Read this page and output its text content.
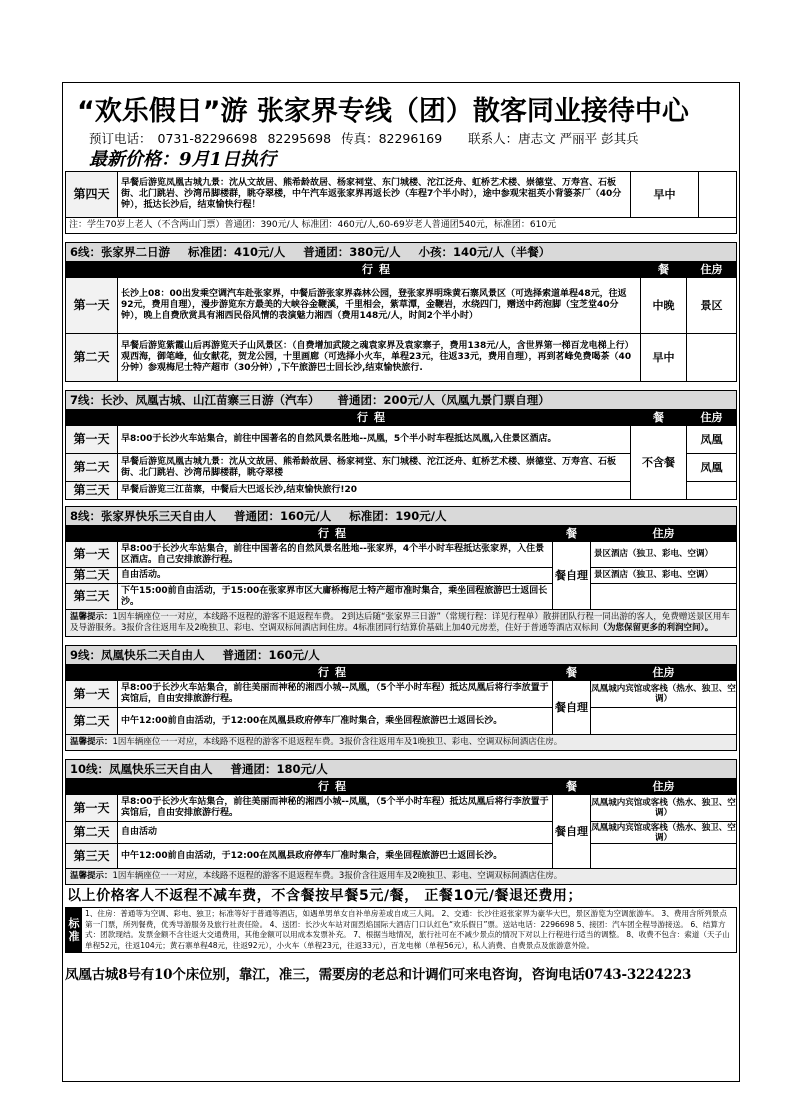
“欢乐假日”游 张家界专线（团）散客同业接待中心
预订电话： 0731-82296698 82295698 传真：82296169 联系人：唐志文 严丽平 彭其兵
最新价格：9月1日执行
第四天	早餐后游览凤凰古城九景：沈从文故居、熊希龄故居、杨家祠堂、东门城楼、沱江泛舟、虹桥艺术楼、崇德堂、万寿宫、石板街、北门跳岩、沙湾吊脚楼群，眺夺翠楼，中午汽车返张家界再返长沙（车程7个半小时），途中参观宋祖英小背篓茶厂（40分钟），抵达长沙后，结束愉快行程！	早中	
注：学生70岁上老人（不含两山门票）普通团：390元/人 标准团：460元/人,60-69岁老人普通团540元，标准团：610元
6线：张家界二日游 标准团：410元/人 普通团：380元/人 小孩：140元/人（半餐）
	行程	餐	住房
第一天	长沙上08：00出发乘空调汽车赴张家界，中餐后游张家界森林公园，登张家界明珠黄石寨风景区（可选择索道单程48元，往返92元，费用自理），漫步游览东方最美的大峡谷金鞭溪，千里相会，紫草潭，金鞭岩，水绕四门，赠送中药泡脚（宝芝堂40分钟），晚上自费欣赏具有湘西民俗风情的表演魅力湘西（费用148元/人，时间2个半小时）	中晚	景区
第二天	早餐后游览紫霞山后再游览天子山风景区：（自费增加武陵之魂袁家界及袁家寨子，费用138元/人，含世界第一梯百龙电梯上行）观西海，御笔峰，仙女献花，贺龙公园，十里画廊（可选择小火车，单程23元，往返33元，费用自理），再到茗峰免费喝茶（40分钟）参观梅尼士特产超市（30分钟）,下午旅游巴士回长沙,结束愉快旅行.	早中	
7线：长沙、凤凰古城、山江苗寨三日游（汽车） 普通团：200元/人（凤凰九景门票自理）
	行程	餐	住房
第一天	早8:00于长沙火车站集合，前往中国著名的自然风景名胜地--凤凰，5个半小时车程抵达凤凰,入住景区酒店。	不含餐	凤凰
第二天	早餐后游览凤凰古城九景：沈从文故居、熊希龄故居、杨家祠堂、东门城楼、沱江泛舟、虹桥艺术楼、崇德堂、万寿宫、石板街、北门跳岩、沙湾吊脚楼群，眺夺翠楼		凤凰
第三天	早餐后游览三江苗寨，中餐后大巴返长沙,结束愉快旅行!20		
8线：张家界快乐三天自由人 普通团：160元/人 标准团：190元/人
	行程	餐	住房
第一天	早8:00于长沙火车站集合，前往中国著名的自然风景名胜地--张家界，4个半小时车程抵达张家界，入住景区酒店。自己安排旅游行程。	餐自理	景区酒店（独卫、彩电、空调）
第二天	自由活动。		景区酒店（独卫、彩电、空调）
第三天	下午15:00前自由活动，于15:00在张家界市区大庸桥梅尼士特产超市准时集合，乘坐回程旅游巴士返回长沙。		
温馨提示：1因车辆座位一一对应，本线路不返程的游客不退返程车费。 2到达后随“张家界三日游”（常规行程：详见行程单）散拼团队行程一同出游的客人，免费赠送景区用车及导游服务。3报价含往返用车及2晚独卫、彩电、空调双标间酒店间住房。4标准团同行结算价基础上加40元房差，住好于普通等酒店双标间（为您保留更多的利润空间）。
9线：凤凰快乐二天自由人 普通团：160元/人
	行程	餐	住房
第一天	早8:00于长沙火车站集合，前往美丽而神秘的湘西小城--凤凰，（5个半小时车程）抵达凤凰后将行李放置于宾馆后，自由安排旅游行程。	餐自理	凤凰城内宾馆或客栈（热水、独卫、空调）
第二天	中午12:00前自由活动，于12:00在凤凰县政府停车厂准时集合，乘坐回程旅游巴士返回长沙。		
温馨提示：1因车辆座位一一对应，本线路不返程的游客不退返程车费。3报价含往返用车及1晚独卫、彩电、空调双标间酒店住房。
10线：凤凰快乐三天自由人 普通团：180元/人
	行程	餐	住房
第一天	早8:00于长沙火车站集合，前往美丽而神秘的湘西小城--凤凰，（5个半小时车程）抵达凤凰后将行李放置于宾馆后，自由安排旅游行程。	餐自理	凤凰城内宾馆或客栈（热水、独卫、空调）
第二天	自由活动		凤凰城内宾馆或客栈（热水、独卫、空调）
第三天	中午12:00前自由活动，于12:00在凤凰县政府停车厂准时集合，乘坐回程旅游巴士返回长沙。		
温馨提示：1因车辆座位一一对应，本线路不返程的游客不退返程车费。3报价含往返用车及2晚独卫、彩电、空调双标间酒店住房。
以上价格客人不返程不减车费，不含餐按早餐5元/餐， 正餐10元/餐退还费用；
标准
1、住房：普通等为空调、彩电、独卫；标准等好于普通等酒店，如遇单男单女自补单房差或自成三人间。 2、交通：长沙往返张家界为豪华大巴，景区游览为空调旅游车。 3、费用含所列景点第一门票，所列餐费，优秀导游服务及旅行社责任险。 4、送团：长沙火车站对面烈焰国际大酒店门口认红色“欢乐假日”票。送站电话：2296698 5、接团：汽车团全程导游接送。 6、结算方式：团款现结。发票金额不含往返大交通费用，其他金额可以用成本发票补充。 7、根据当地情况，旅行社可在不减少景点的情况下对以上行程进行适当的调整。 8、收费不包含：索道（天子山单程52元，往返104元；黄石寨单程48元，往返92元），小火车（单程23元，往返33元），百龙电梯（单程56元），私人消费、自费景点及旅游意外险。
凤凰古城8号有10个床位别，靠江，准三，需要房的老总和计调们可来电咨询，咨询电话0743-3224223
